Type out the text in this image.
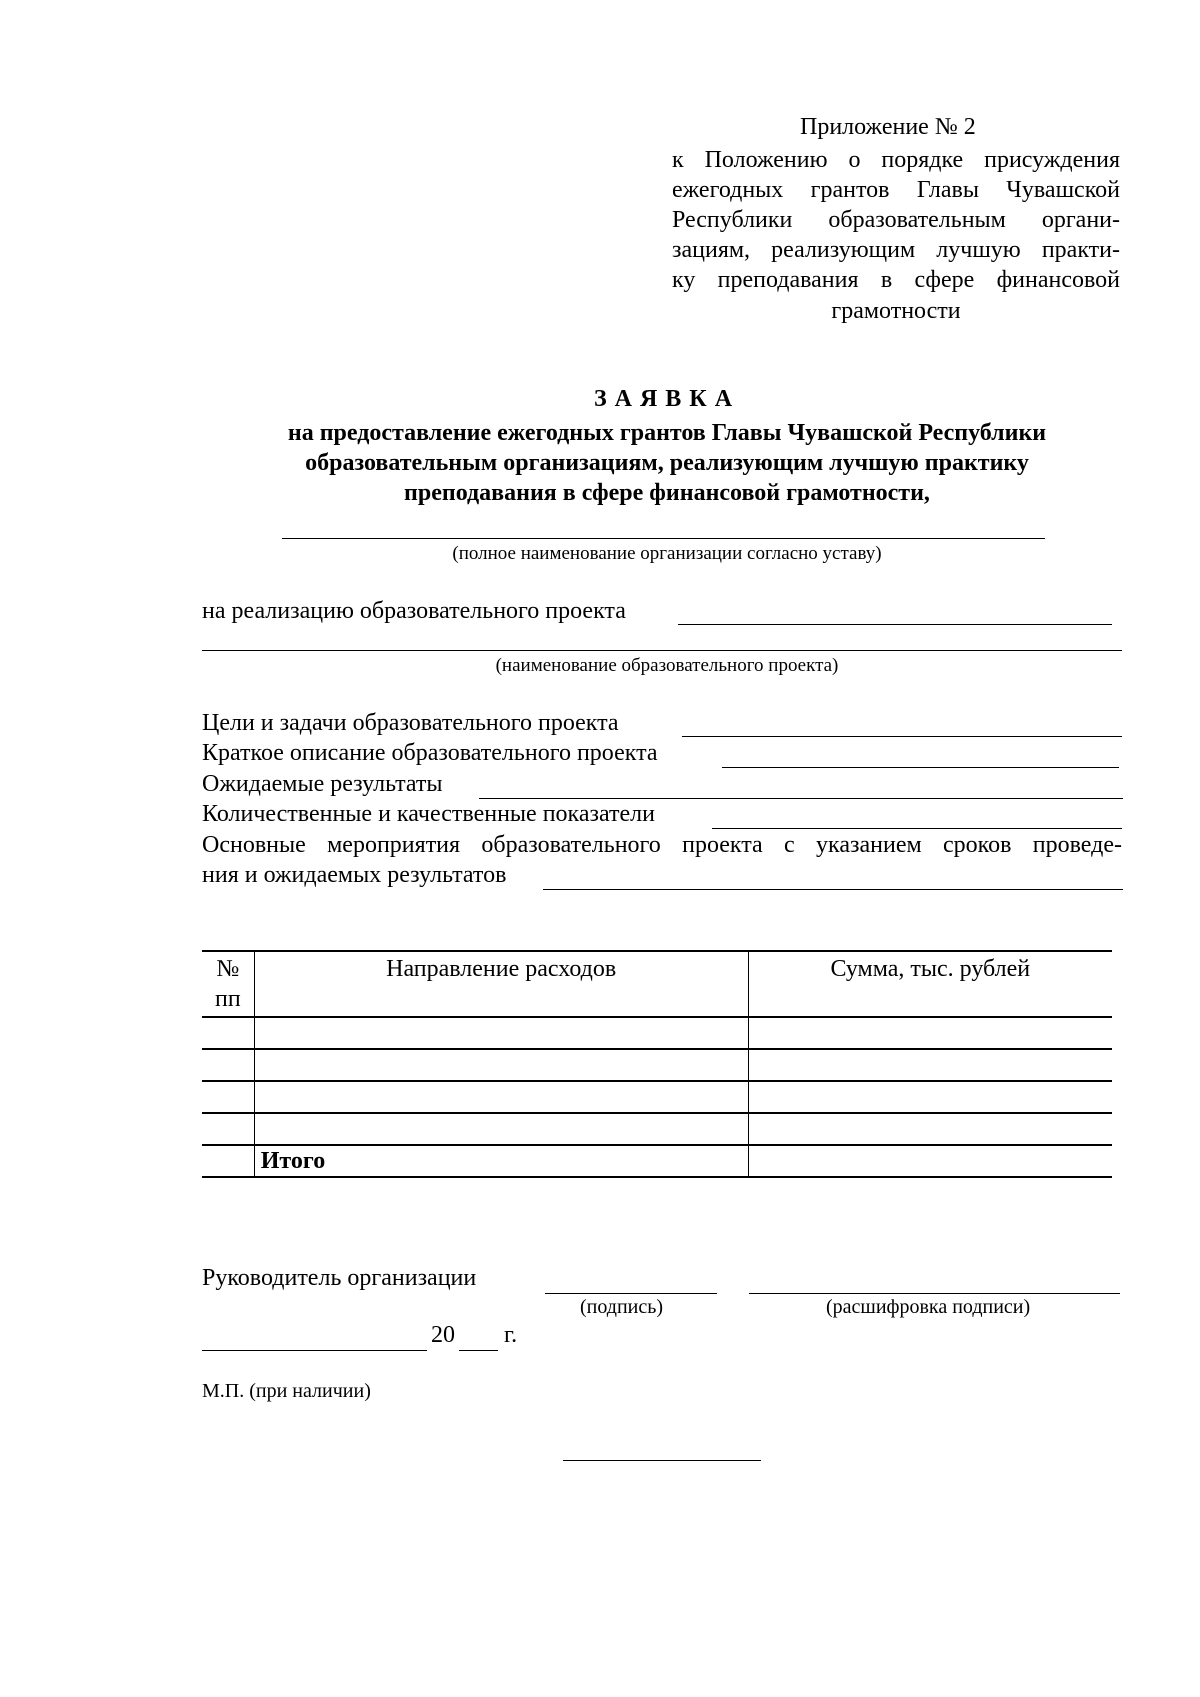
Приложение № 2
к Положению о порядке присуждения
ежегодных грантов Главы Чувашской
Республики образовательным органи-
зациям, реализующим лучшую практи-
ку преподавания в сфере финансовой
грамотности
ЗАЯВКА
на предоставление ежегодных грантов Главы Чувашской Республики
образовательным организациям, реализующим лучшую практику
преподавания в сфере финансовой грамотности,
(полное наименование организации согласно уставу)
на реализацию образовательного проекта
(наименование образовательного проекта)
Цели и задачи образовательного проекта
Краткое описание образовательного проекта
Ожидаемые результаты
Количественные и качественные показатели
Основные мероприятия образовательного проекта с указанием сроков проведе-
ния и ожидаемых результатов
№
пп	Направление расходов	Сумма, тыс. рублей

	Итого	
Руководитель организации
(подпись)	(расшифровка подписи)
20 г.
М.П. (при наличии)
